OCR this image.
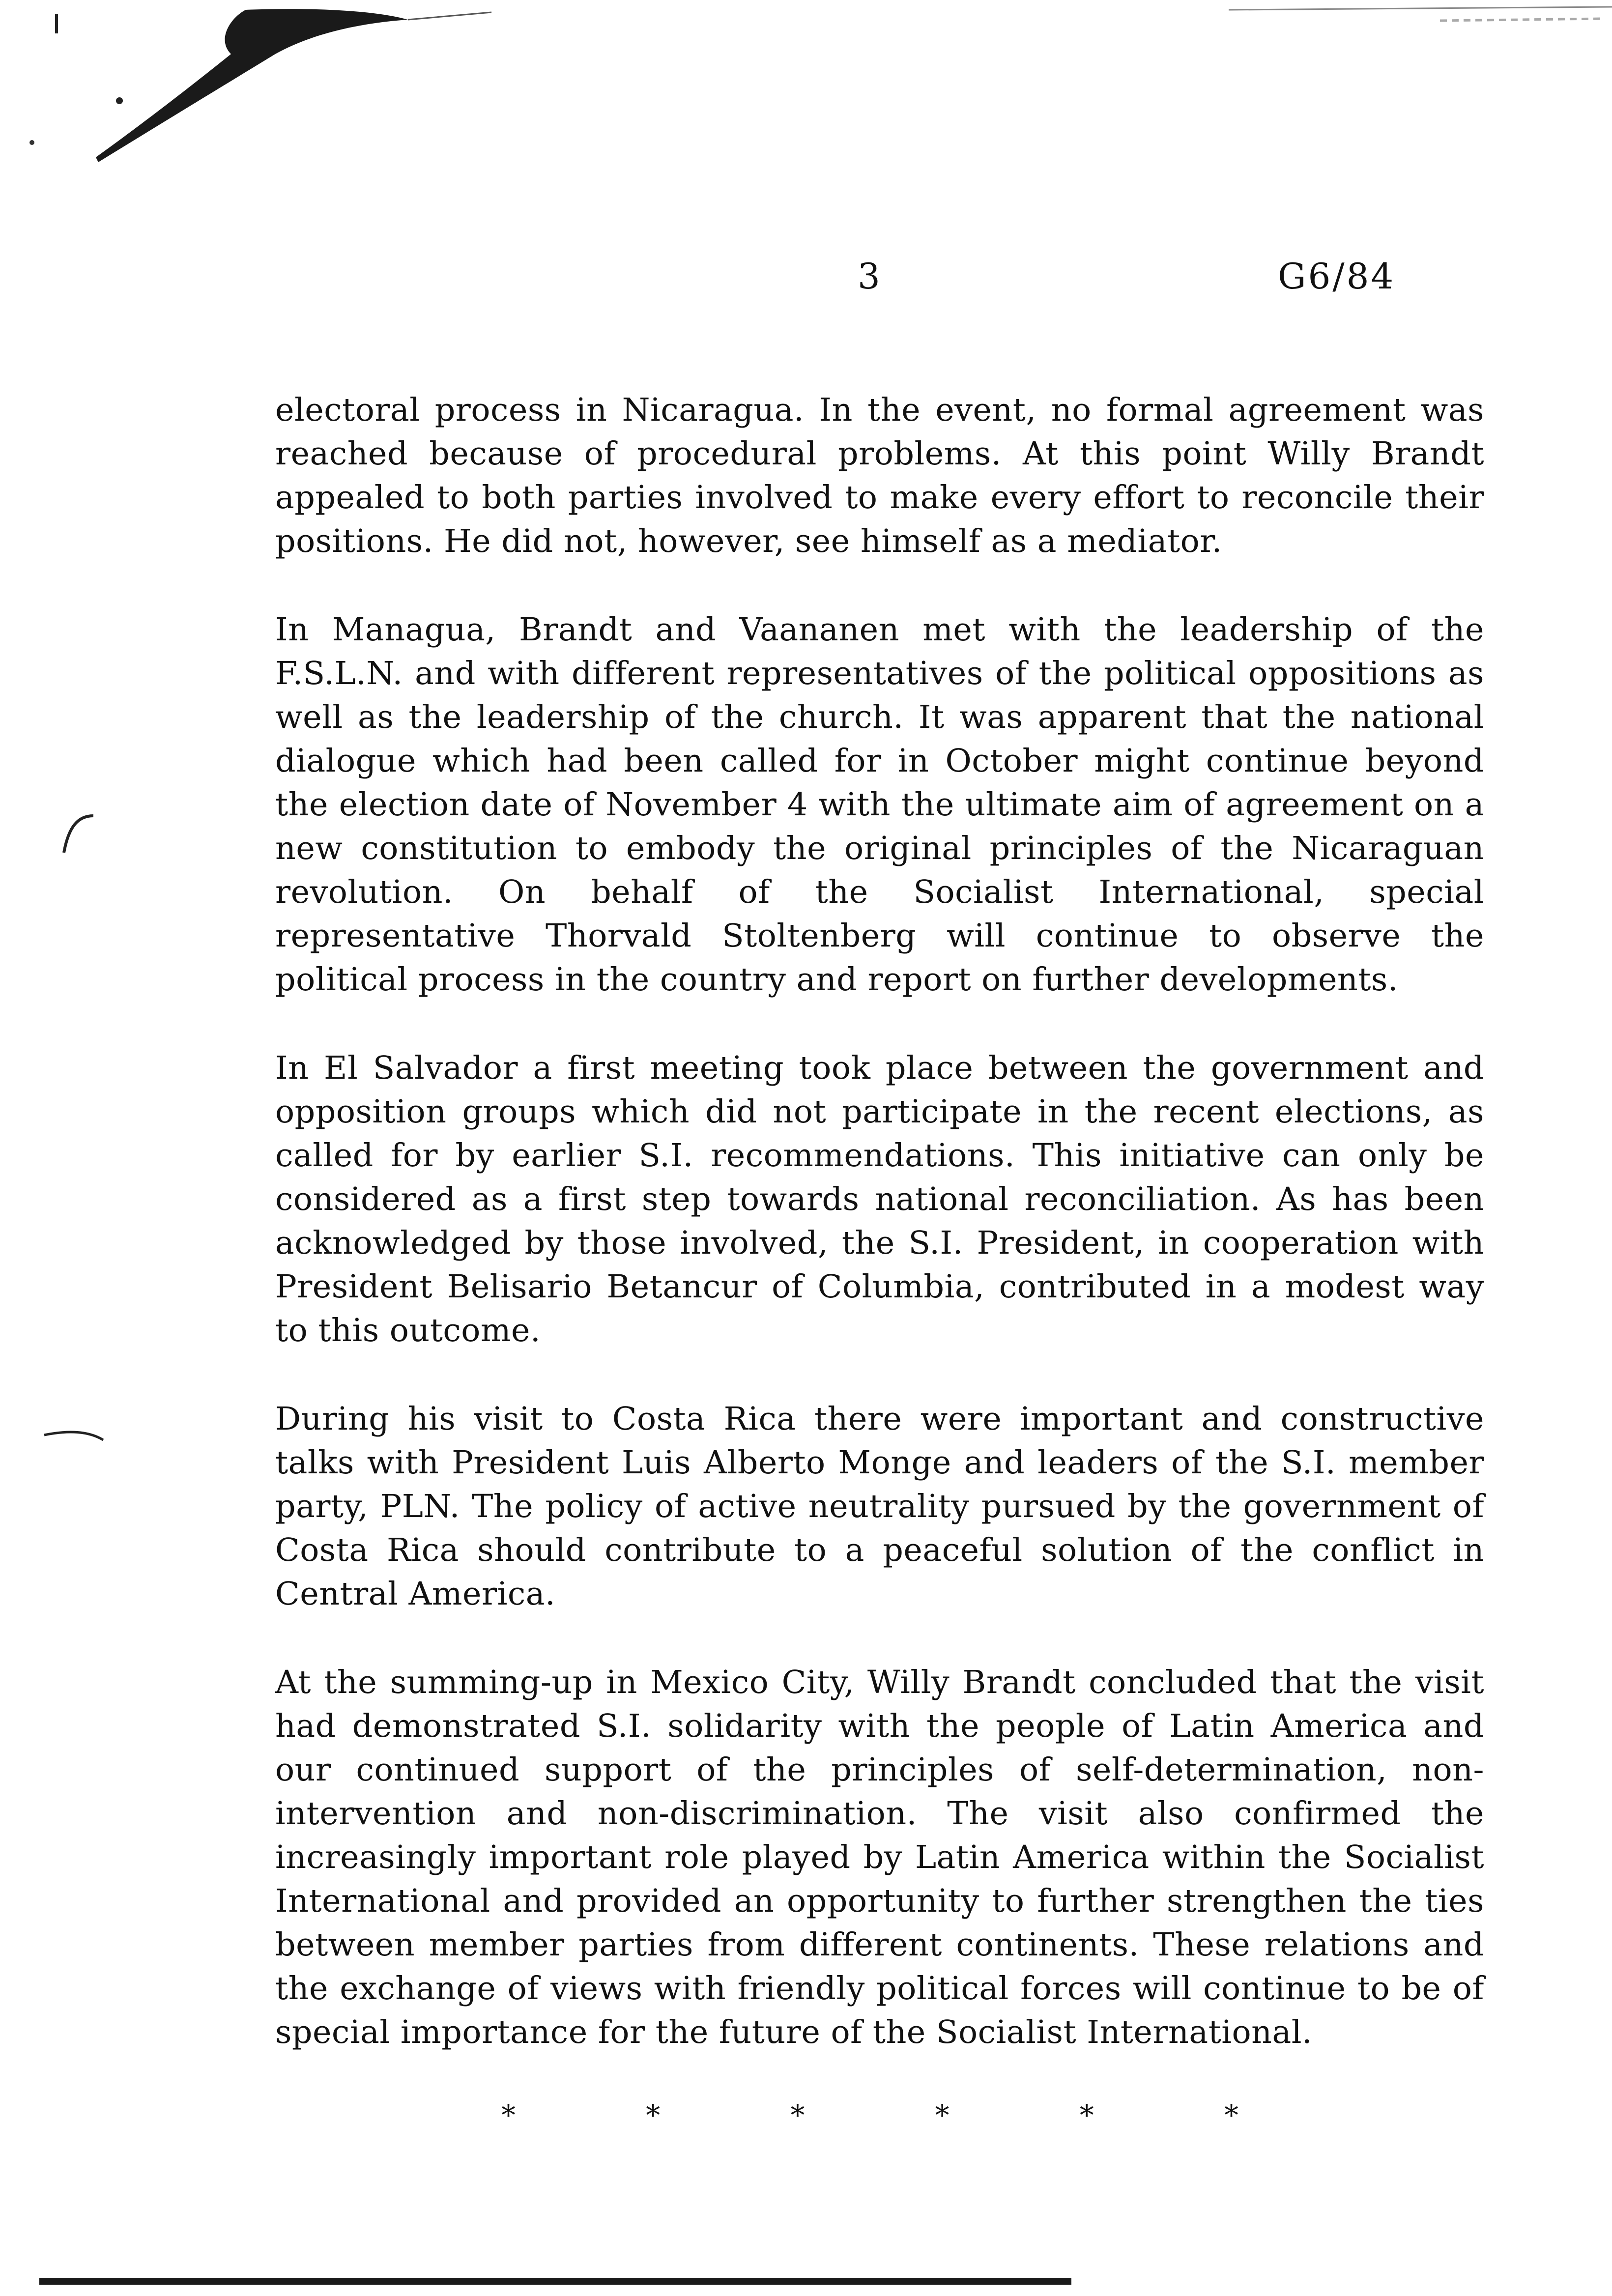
3	G6/84

electoral process in Nicaragua. In the event, no formal agreement was reached because of procedural problems. At this point Willy Brandt appealed to both parties involved to make every effort to reconcile their positions. He did not, however, see himself as a mediator.

In Managua, Brandt and Vaananen met with the leadership of the F.S.L.N. and with different representatives of the political oppositions as well as the leadership of the church. It was apparent that the national dialogue which had been called for in October might continue beyond the election date of November 4 with the ultimate aim of agreement on a new constitution to embody the original principles of the Nicaraguan revolution. On behalf of the Socialist International, special representative Thorvald Stoltenberg will continue to observe the political process in the country and report on further developments.

In El Salvador a first meeting took place between the government and opposition groups which did not participate in the recent elections, as called for by earlier S.I. recommendations. This initiative can only be considered as a first step towards national reconciliation. As has been acknowledged by those involved, the S.I. President, in cooperation with President Belisario Betancur of Columbia, contributed in a modest way to this outcome.

During his visit to Costa Rica there were important and constructive talks with President Luis Alberto Monge and leaders of the S.I. member party, PLN. The policy of active neutrality pursued by the government of Costa Rica should contribute to a peaceful solution of the conflict in Central America.

At the summing-up in Mexico City, Willy Brandt concluded that the visit had demonstrated S.I. solidarity with the people of Latin America and our continued support of the principles of self-determination, non-intervention and non-discrimination. The visit also confirmed the increasingly important role played by Latin America within the Socialist International and provided an opportunity to further strengthen the ties between member parties from different continents. These relations and the exchange of views with friendly political forces will continue to be of special importance for the future of the Socialist International.

*	*	*	*	*	*
